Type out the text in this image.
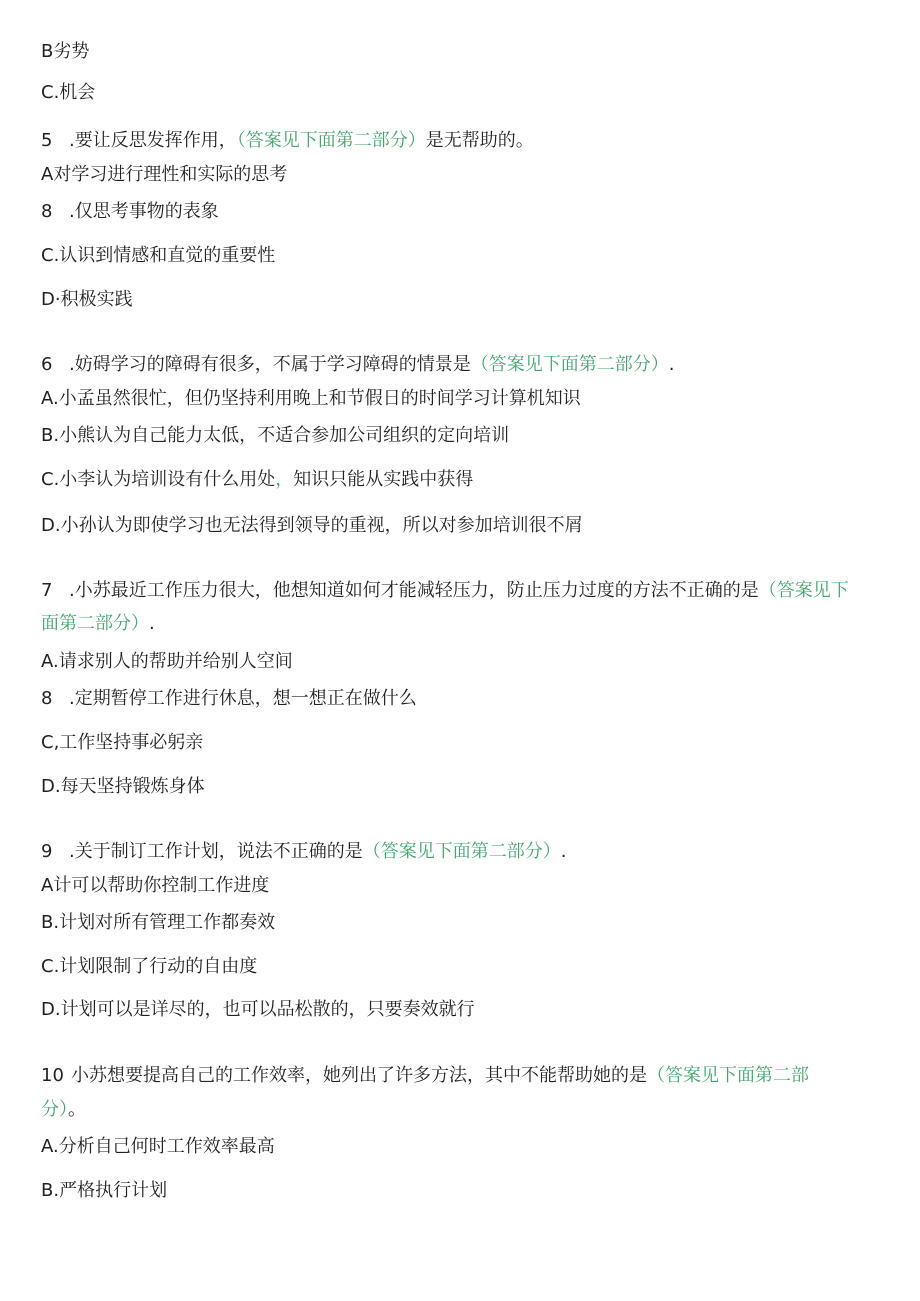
B劣势
C.机会
5 .要让反思发挥作用，（答案见下面第二部分）是无帮助的。
A对学习进行理性和实际的思考
8 .仅思考事物的表象
C.认识到情感和直觉的重要性
D·积极实践
6 .妨碍学习的障碍有很多，不属于学习障碍的情景是（答案见下面第二部分）.
A.小孟虽然很忙，但仍坚持利用晚上和节假日的时间学习计算机知识
B.小熊认为自己能力太低，不适合参加公司组织的定向培训
C.小李认为培训设有什么用处，知识只能从实践中获得
D.小孙认为即使学习也无法得到领导的重视，所以对参加培训很不屑
7 .小苏最近工作压力很大，他想知道如何才能减轻压力，防止压力过度的方法不正确的是（答案见下
面第二部分）.
A.请求别人的帮助并给别人空间
8 .定期暂停工作进行休息，想一想正在做什么
C,工作坚持事必躬亲
D.每天坚持锻炼身体
9 .关于制订工作计划，说法不正确的是（答案见下面第二部分）.
A计可以帮助你控制工作进度
B.计划对所有管理工作都奏效
C.计划限制了行动的自由度
D.计划可以是详尽的，也可以品松散的，只要奏效就行
10 小苏想要提高自己的工作效率，她列出了许多方法，其中不能帮助她的是（答案见下面第二部
分）。
A.分析自己何时工作效率最高
B.严格执行计划
